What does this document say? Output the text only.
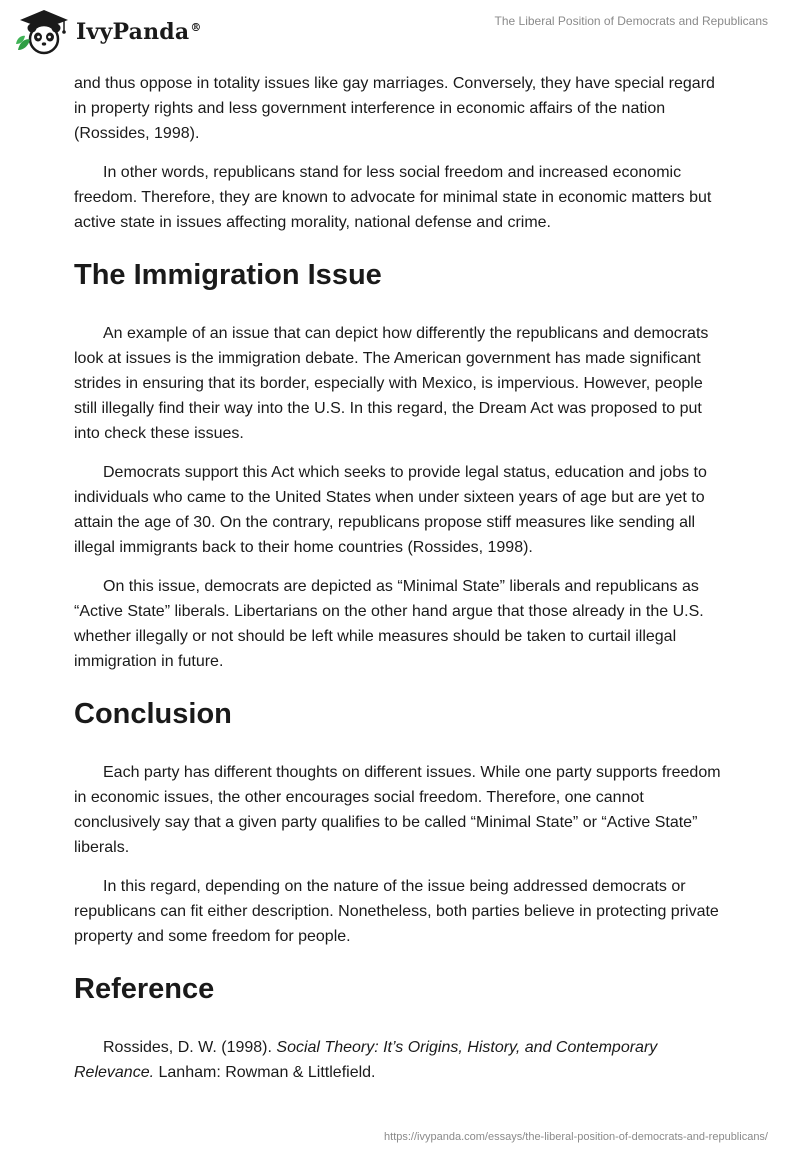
IvyPanda®	The Liberal Position of Democrats and Republicans

and thus oppose in totality issues like gay marriages. Conversely, they have special regard in property rights and less government interference in economic affairs of the nation (Rossides, 1998).

In other words, republicans stand for less social freedom and increased economic freedom. Therefore, they are known to advocate for minimal state in economic matters but active state in issues affecting morality, national defense and crime.

The Immigration Issue

An example of an issue that can depict how differently the republicans and democrats look at issues is the immigration debate. The American government has made significant strides in ensuring that its border, especially with Mexico, is impervious. However, people still illegally find their way into the U.S. In this regard, the Dream Act was proposed to put into check these issues.

Democrats support this Act which seeks to provide legal status, education and jobs to individuals who came to the United States when under sixteen years of age but are yet to attain the age of 30. On the contrary, republicans propose stiff measures like sending all illegal immigrants back to their home countries (Rossides, 1998).

On this issue, democrats are depicted as “Minimal State” liberals and republicans as “Active State” liberals. Libertarians on the other hand argue that those already in the U.S. whether illegally or not should be left while measures should be taken to curtail illegal immigration in future.

Conclusion

Each party has different thoughts on different issues. While one party supports freedom in economic issues, the other encourages social freedom. Therefore, one cannot conclusively say that a given party qualifies to be called “Minimal State” or “Active State” liberals.

In this regard, depending on the nature of the issue being addressed democrats or republicans can fit either description. Nonetheless, both parties believe in protecting private property and some freedom for people.

Reference

Rossides, D. W. (1998). Social Theory: It’s Origins, History, and Contemporary Relevance. Lanham: Rowman & Littlefield.

https://ivypanda.com/essays/the-liberal-position-of-democrats-and-republicans/
